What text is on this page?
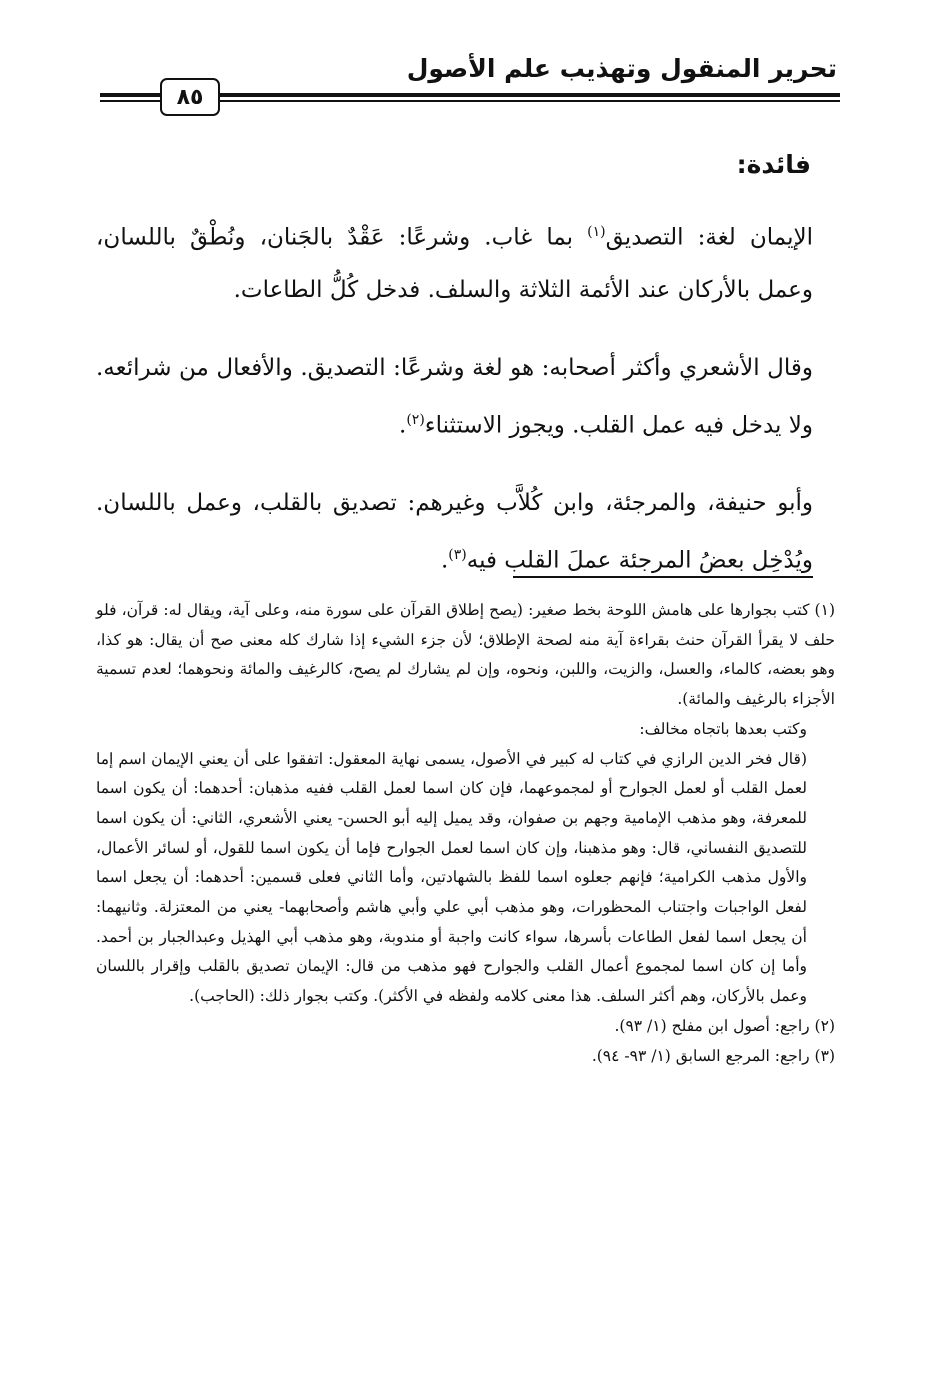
تحرير المنقول وتهذيب علم الأصول
٨٥
فائدة:

الإيمان لغة: التصديق$^{(١)}$ بما غاب. وشرعًا: عَقْدٌ بالجَنان، ونُطْقٌ باللسان، وعمل بالأركان عند الأئمة الثلاثة والسلف. فدخل كُلُّ الطاعات.

وقال الأشعري وأكثر أصحابه: هو لغة وشرعًا: التصديق. والأفعال من شرائعه. ولا يدخل فيه عمل القلب. ويجوز الاستثناء$^{(٢)}$.

وأبو حنيفة، والمرجئة، وابن كُلاَّب وغيرهم: تصديق بالقلب، وعمل باللسان. ويُدْخِل بعضُ المرجئة عملَ القلب فيه$^{(٣)}$.

(١) كتب بجوارها على هامش اللوحة بخط صغير: (يصح إطلاق القرآن على سورة منه، وعلى آية، ويقال له: قرآن، فلو حلف لا يقرأ القرآن حنث بقراءة آية منه لصحة الإطلاق؛ لأن جزء الشيء إذا شارك كله معنى صح أن يقال: هو كذا، وهو بعضه، كالماء، والعسل، والزيت، واللبن، ونحوه، وإن لم يشارك لم يصح، كالرغيف والمائة ونحوهما؛ لعدم تسمية الأجزاء بالرغيف والمائة).

وكتب بعدها باتجاه مخالف:

(قال فخر الدين الرازي في كتاب له كبير في الأصول، يسمى نهاية المعقول: اتفقوا على أن يعني الإيمان اسم إما لعمل القلب أو لعمل الجوارح أو لمجموعهما، فإن كان اسما لعمل القلب ففيه مذهبان: أحدهما: أن يكون اسما للمعرفة، وهو مذهب الإمامية وجهم بن صفوان، وقد يميل إليه أبو الحسن- يعني الأشعري، الثاني: أن يكون اسما للتصديق النفساني، قال: وهو مذهبنا، وإن كان اسما لعمل الجوارح فإما أن يكون اسما للقول، أو لسائر الأعمال، والأول مذهب الكرامية؛ فإنهم جعلوه اسما للفظ بالشهادتين، وأما الثاني فعلى قسمين: أحدهما: أن يجعل اسما لفعل الواجبات واجتناب المحظورات، وهو مذهب أبي علي وأبي هاشم وأصحابهما- يعني من المعتزلة. وثانيهما: أن يجعل اسما لفعل الطاعات بأسرها، سواء كانت واجبة أو مندوبة، وهو مذهب أبي الهذيل وعبدالجبار بن أحمد. وأما إن كان اسما لمجموع أعمال القلب والجوارح فهو مذهب من قال: الإيمان تصديق بالقلب وإقرار باللسان وعمل بالأركان، وهم أكثر السلف. هذا معنى كلامه ولفظه في الأكثر). وكتب بجوار ذلك: (الحاجب).

(٢) راجع: أصول ابن مفلح (١/ ٩٣).

(٣) راجع: المرجع السابق (١/ ٩٣- ٩٤).
